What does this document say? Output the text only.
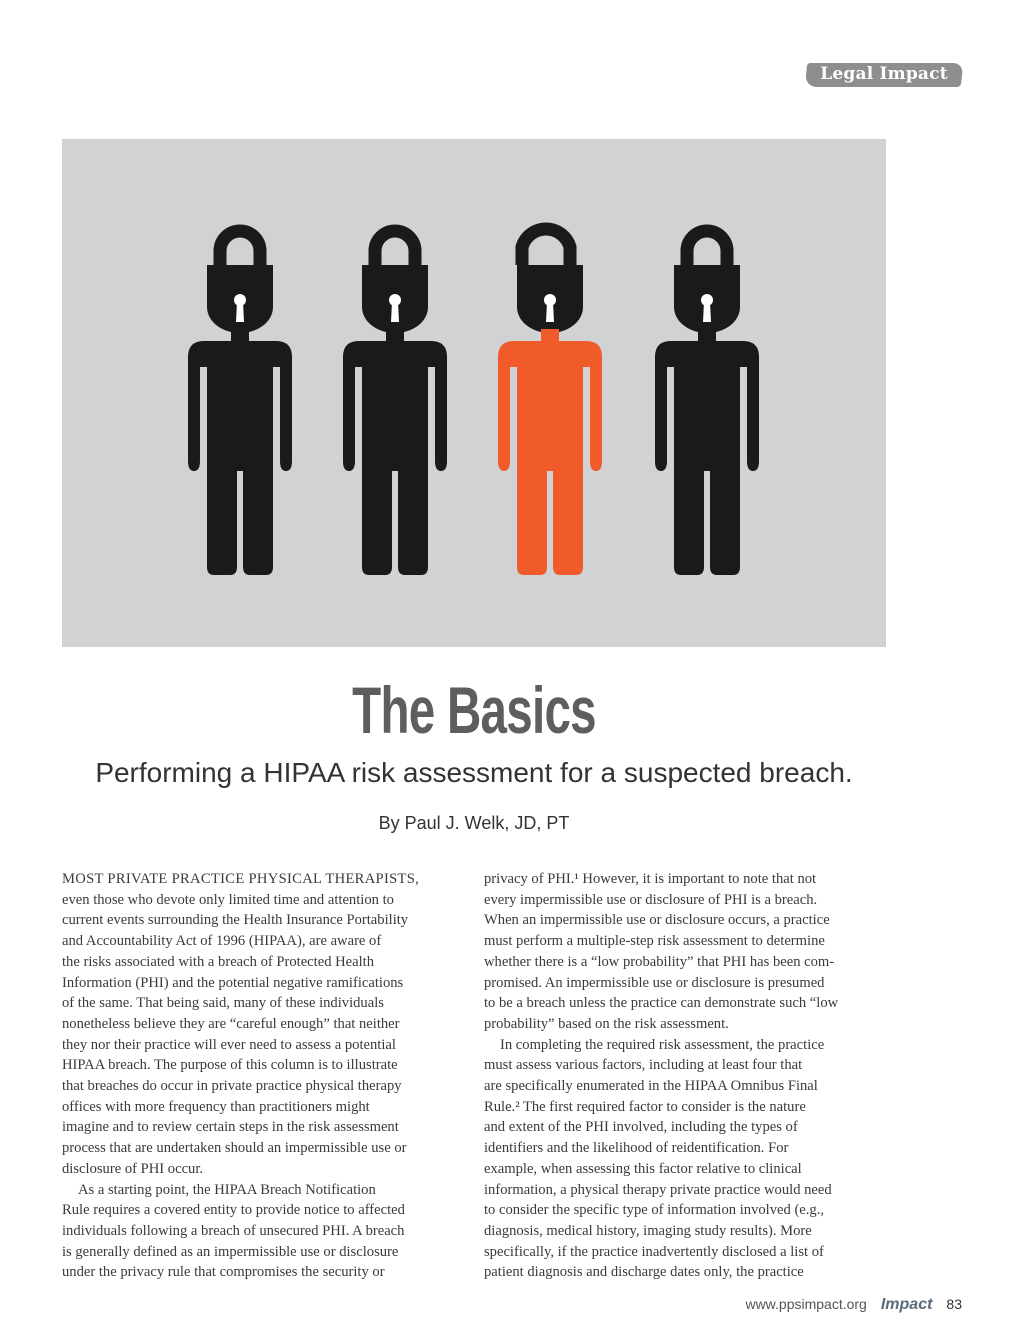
Legal Impact
The Basics
Performing a HIPAA risk assessment for a suspected breach.
By Paul J. Welk, JD, PT

MOST PRIVATE PRACTICE PHYSICAL THERAPISTS,
even those who devote only limited time and attention to
current events surrounding the Health Insurance Portability
and Accountability Act of 1996 (HIPAA), are aware of
the risks associated with a breach of Protected Health
Information (PHI) and the potential negative ramifications
of the same. That being said, many of these individuals
nonetheless believe they are “careful enough” that neither
they nor their practice will ever need to assess a potential
HIPAA breach. The purpose of this column is to illustrate
that breaches do occur in private practice physical therapy
offices with more frequency than practitioners might
imagine and to review certain steps in the risk assessment
process that are undertaken should an impermissible use or
disclosure of PHI occur.

As a starting point, the HIPAA Breach Notification
Rule requires a covered entity to provide notice to affected
individuals following a breach of unsecured PHI. A breach
is generally defined as an impermissible use or disclosure
under the privacy rule that compromises the security or

privacy of PHI.¹ However, it is important to note that not
every impermissible use or disclosure of PHI is a breach.
When an impermissible use or disclosure occurs, a practice
must perform a multiple-step risk assessment to determine
whether there is a “low probability” that PHI has been com-
promised. An impermissible use or disclosure is presumed
to be a breach unless the practice can demonstrate such “low
probability” based on the risk assessment.

In completing the required risk assessment, the practice
must assess various factors, including at least four that
are specifically enumerated in the HIPAA Omnibus Final
Rule.² The first required factor to consider is the nature
and extent of the PHI involved, including the types of
identifiers and the likelihood of reidentification. For
example, when assessing this factor relative to clinical
information, a physical therapy private practice would need
to consider the specific type of information involved (e.g.,
diagnosis, medical history, imaging study results). More
specifically, if the practice inadvertently disclosed a list of
patient diagnosis and discharge dates only, the practice

www.ppsimpact.org Impact 83
